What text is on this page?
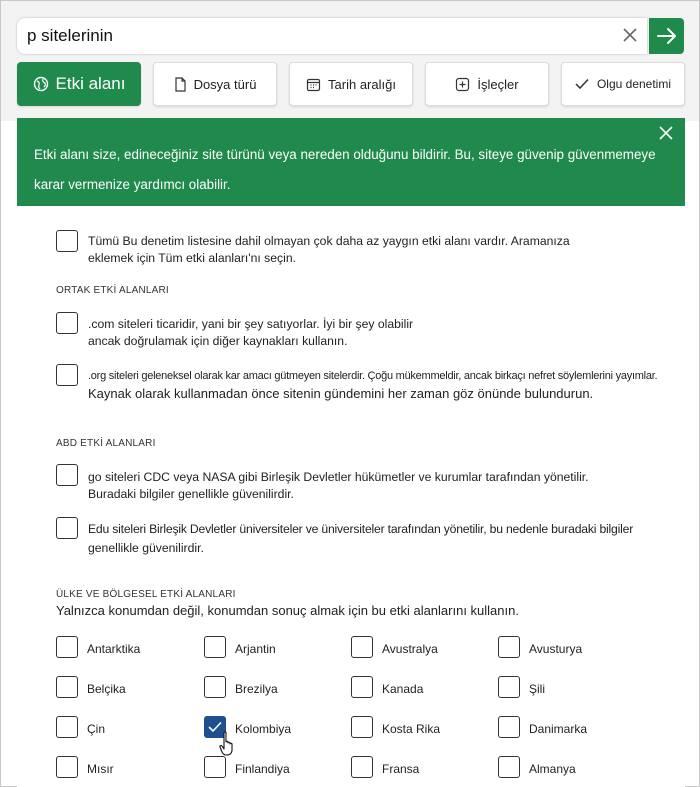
p sitelerinin
Etki alanı	Dosya türü	Tarih aralığı	İşleçler	Olgu denetimi
Etki alanı size, edineceğiniz site türünü veya nereden olduğunu bildirir. Bu, siteye güvenip güvenmemeye karar vermenize yardımcı olabilir.
Tümü Bu denetim listesine dahil olmayan çok daha az yaygın etki alanı vardır. Aramanıza
eklemek için Tüm etki alanları'nı seçin.
ORTAK ETKİ ALANLARI
.com siteleri ticaridir, yani bir şey satıyorlar. İyi bir şey olabilir
ancak doğrulamak için diğer kaynakları kullanın.
.org siteleri geleneksel olarak kar amacı gütmeyen sitelerdir. Çoğu mükemmeldir, ancak birkaçı nefret söylemlerini yayımlar.
Kaynak olarak kullanmadan önce sitenin gündemini her zaman göz önünde bulundurun.
ABD ETKİ ALANLARI
go siteleri CDC veya NASA gibi Birleşik Devletler hükümetler ve kurumlar tarafından yönetilir.
Buradaki bilgiler genellikle güvenilirdir.
Edu siteleri Birleşik Devletler üniversiteler ve üniversiteler tarafından yönetilir, bu nedenle buradaki bilgiler
genellikle güvenilirdir.
ÜLKE VE BÖLGESEL ETKİ ALANLARI
Yalnızca konumdan değil, konumdan sonuç almak için bu etki alanlarını kullanın.
Antarktika	Arjantin	Avustralya	Avusturya
Belçika	Brezilya	Kanada	Şili
Çin	Kolombiya	Kosta Rika	Danimarka
Mısır	Finlandiya	Fransa	Almanya
